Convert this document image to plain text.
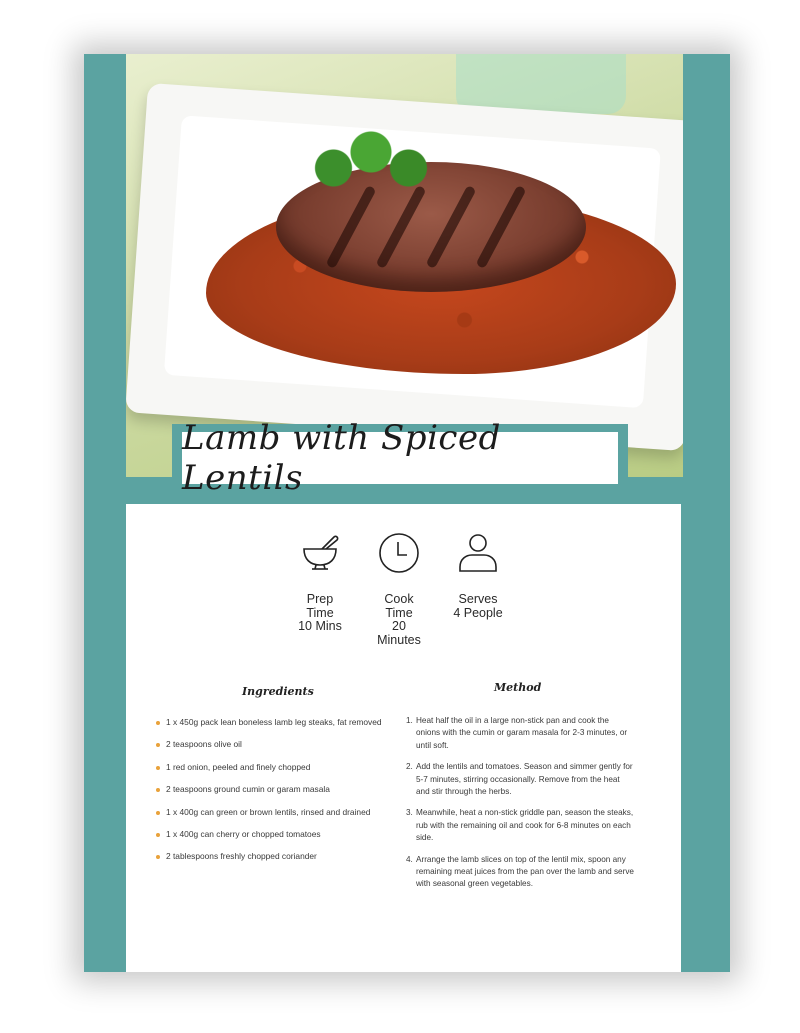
Lamb with Spiced Lentils
Prep
Time
10 Mins
Cook
Time
20
Minutes
Serves
4 People
Ingredients
1 x 450g pack lean boneless lamb leg steaks, fat removed
2 teaspoons olive oil
1 red onion, peeled and finely chopped
2 teaspoons ground cumin or garam masala
1 x 400g can green or brown lentils, rinsed and drained
1 x 400g can cherry or chopped tomatoes
2 tablespoons freshly chopped coriander
Method
1. Heat half the oil in a large non-stick pan and cook the onions with the cumin or garam masala for 2-3 minutes, or until soft.
2. Add the lentils and tomatoes. Season and simmer gently for 5-7 minutes, stirring occasionally. Remove from the heat and stir through the herbs.
3. Meanwhile, heat a non-stick griddle pan, season the steaks, rub with the remaining oil and cook for 6-8 minutes on each side.
4. Arrange the lamb slices on top of the lentil mix, spoon any remaining meat juices from the pan over the lamb and serve with seasonal green vegetables.
